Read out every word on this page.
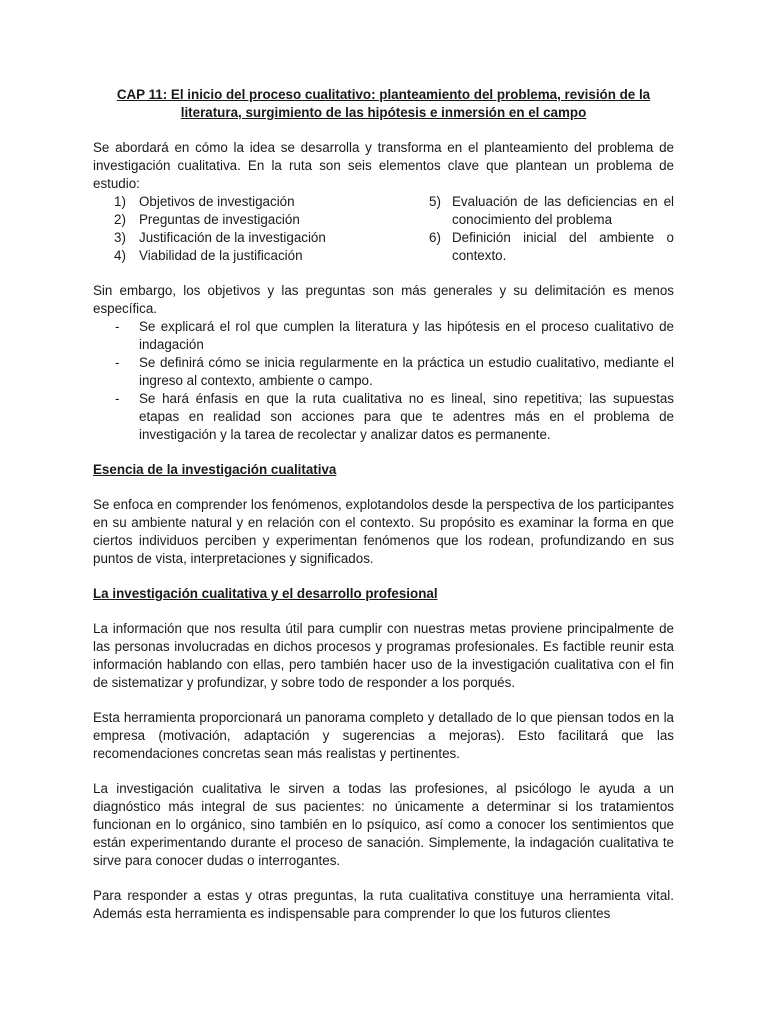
CAP 11: El inicio del proceso cualitativo: planteamiento del problema, revisión de la literatura, surgimiento de las hipótesis e inmersión en el campo

Se abordará en cómo la idea se desarrolla y transforma en el planteamiento del problema de investigación cualitativa. En la ruta son seis elementos clave que plantean un problema de estudio:

1) Objetivos de investigación
2) Preguntas de investigación
3) Justificación de la investigación
4) Viabilidad de la justificación
5) Evaluación de las deficiencias en el conocimiento del problema
6) Definición inicial del ambiente o contexto.

Sin embargo, los objetivos y las preguntas son más generales y su delimitación es menos específica.

-	Se explicará el rol que cumplen la literatura y las hipótesis en el proceso cualitativo de indagación
-	Se definirá cómo se inicia regularmente en la práctica un estudio cualitativo, mediante el ingreso al contexto, ambiente o campo.
-	Se hará énfasis en que la ruta cualitativa no es lineal, sino repetitiva; las supuestas etapas en realidad son acciones para que te adentres más en el problema de investigación y la tarea de recolectar y analizar datos es permanente.
Esencia de la investigación cualitativa

Se enfoca en comprender los fenómenos, explotandolos desde la perspectiva de los participantes en su ambiente natural y en relación con el contexto. Su propósito es examinar la forma en que ciertos individuos perciben y experimentan fenómenos que los rodean, profundizando en sus puntos de vista, interpretaciones y significados.

La investigación cualitativa y el desarrollo profesional

La información que nos resulta útil para cumplir con nuestras metas proviene principalmente de las personas involucradas en dichos procesos y programas profesionales. Es factible reunir esta información hablando con ellas, pero también hacer uso de la investigación cualitativa con el fin de sistematizar y profundizar, y sobre todo de responder a los porqués.

Esta herramienta proporcionará un panorama completo y detallado de lo que piensan todos en la empresa (motivación, adaptación y sugerencias a mejoras). Esto facilitará que las recomendaciones concretas sean más realistas y pertinentes.

La investigación cualitativa le sirven a todas las profesiones, al psicólogo le ayuda a un diagnóstico más integral de sus pacientes: no únicamente a determinar si los tratamientos funcionan en lo orgánico, sino también en lo psíquico, así como a conocer los sentimientos que están experimentando durante el proceso de sanación. Simplemente, la indagación cualitativa te sirve para conocer dudas o interrogantes.

Para responder a estas y otras preguntas, la ruta cualitativa constituye una herramienta vital. Además esta herramienta es indispensable para comprender lo que los futuros clientes
